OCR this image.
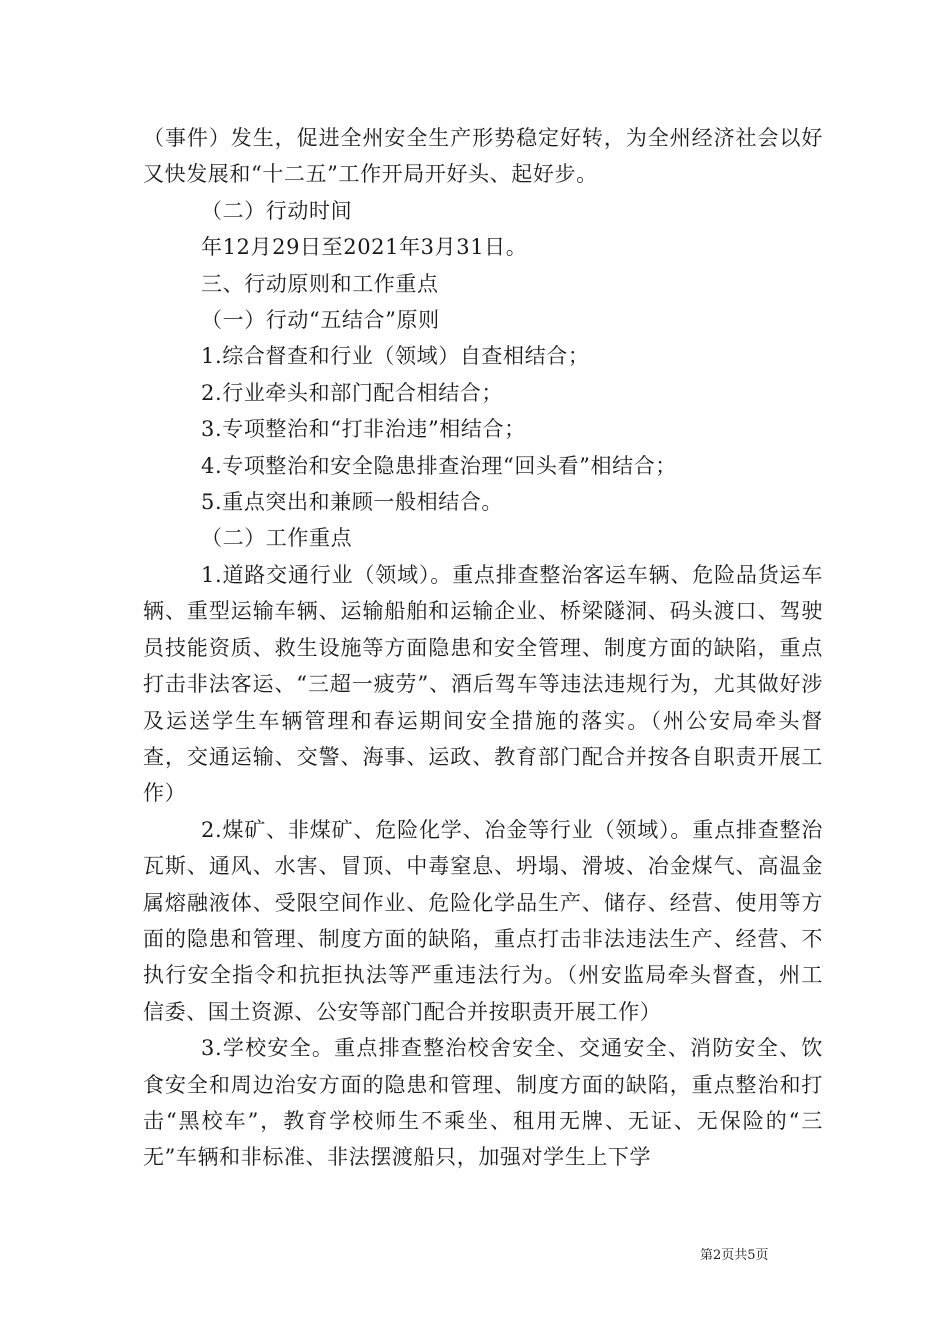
（事件）发生，促进全州安全生产形势稳定好转，为全州经济社会以好又快发展和“十二五”工作开局开好头、起好步。

（二）行动时间

年12月29日至2021年3月31日。

三、行动原则和工作重点

（一）行动“五结合”原则

1.综合督查和行业（领域）自查相结合；

2.行业牵头和部门配合相结合；

3.专项整治和“打非治违”相结合；

4.专项整治和安全隐患排查治理“回头看”相结合；

5.重点突出和兼顾一般相结合。

（二）工作重点

1.道路交通行业（领域）。重点排查整治客运车辆、危险品货运车辆、重型运输车辆、运输船舶和运输企业、桥梁隧洞、码头渡口、驾驶员技能资质、救生设施等方面隐患和安全管理、制度方面的缺陷，重点打击非法客运、“三超一疲劳”、酒后驾车等违法违规行为，尤其做好涉及运送学生车辆管理和春运期间安全措施的落实。（州公安局牵头督查，交通运输、交警、海事、运政、教育部门配合并按各自职责开展工作）

2.煤矿、非煤矿、危险化学、冶金等行业（领域）。重点排查整治瓦斯、通风、水害、冒顶、中毒窒息、坍塌、滑坡、冶金煤气、高温金属熔融液体、受限空间作业、危险化学品生产、储存、经营、使用等方面的隐患和管理、制度方面的缺陷，重点打击非法违法生产、经营、不执行安全指令和抗拒执法等严重违法行为。（州安监局牵头督查，州工信委、国土资源、公安等部门配合并按职责开展工作）

3.学校安全。重点排查整治校舍安全、交通安全、消防安全、饮食安全和周边治安方面的隐患和管理、制度方面的缺陷，重点整治和打击“黑校车”，教育学校师生不乘坐、租用无牌、无证、无保险的“三无”车辆和非标准、非法摆渡船只，加强对学生上下学

第2页共5页
